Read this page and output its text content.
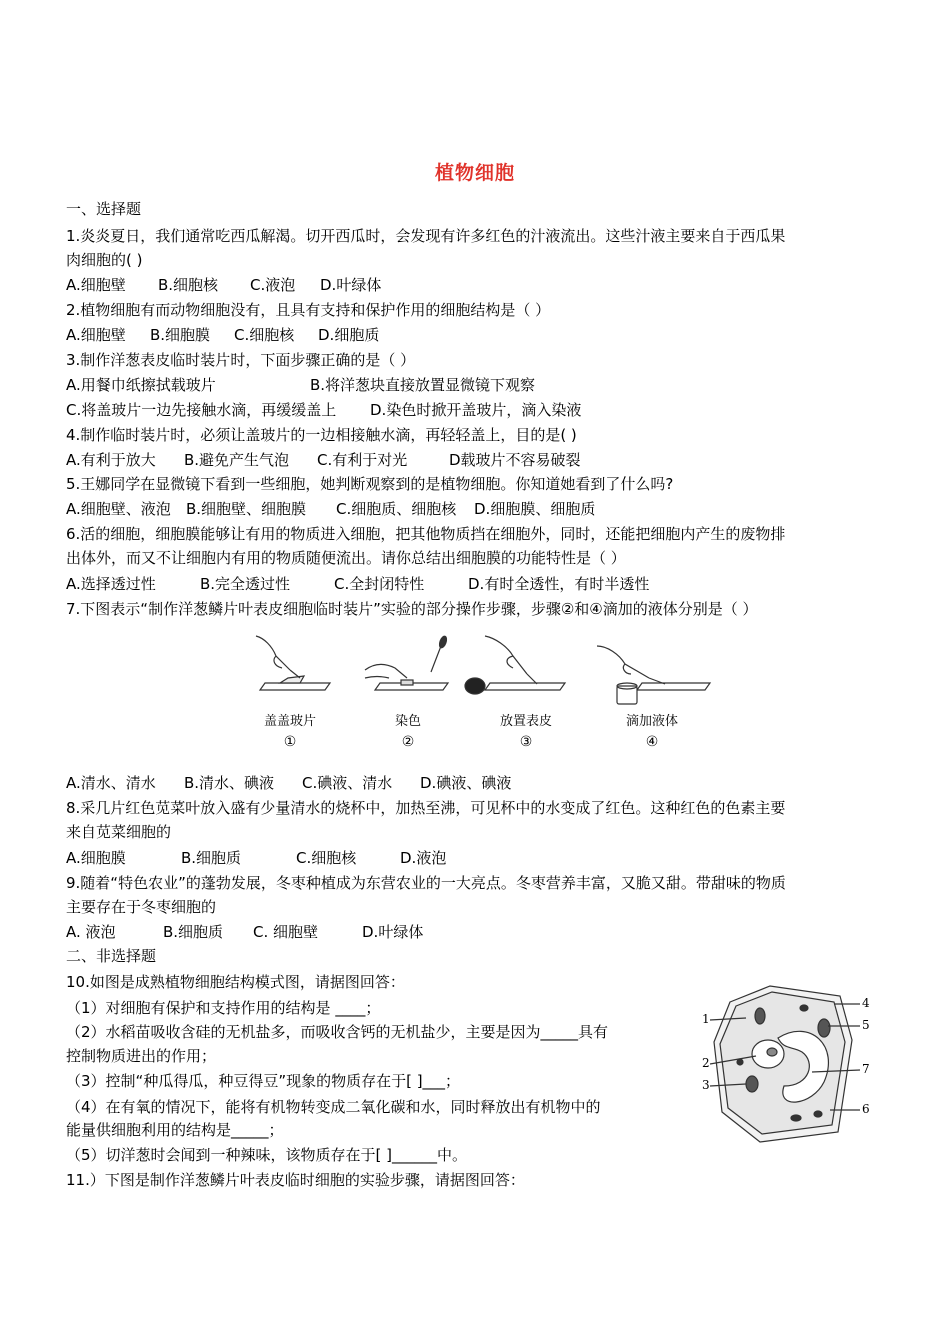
植物细胞
一、选择题
1.炎炎夏日，我们通常吃西瓜解渴。切开西瓜时，会发现有许多红色的汁液流出。这些汁液主要来自于西瓜果
肉细胞的( )
A.细胞壁 B.细胞核 C.液泡 D.叶绿体
2.植物细胞有而动物细胞没有，且具有支持和保护作用的细胞结构是（ ）
A.细胞壁 B.细胞膜 C.细胞核 D.细胞质
3.制作洋葱表皮临时装片时，下面步骤正确的是（ ）
A.用餐巾纸擦拭载玻片	B.将洋葱块直接放置显微镜下观察
C.将盖玻片一边先接触水滴，再缓缓盖上 D.染色时掀开盖玻片，滴入染液
4.制作临时装片时，必须让盖玻片的一边相接触水滴，再轻轻盖上，目的是( )
A.有利于放大 B.避免产生气泡 C.有利于对光	D载玻片不容易破裂
5.王娜同学在显微镜下看到一些细胞，她判断观察到的是植物细胞。你知道她看到了什么吗?
A.细胞壁、液泡 B.细胞壁、细胞膜 C.细胞质、细胞核 D.细胞膜、细胞质
6.活的细胞，细胞膜能够让有用的物质进入细胞，把其他物质挡在细胞外，同时，还能把细胞内产生的废物排
出体外，而又不让细胞内有用的物质随便流出。请你总结出细胞膜的功能特性是（ ）
A.选择透过性	B.完全透过性	C.全封闭特性	D.有时全透性，有时半透性
7.下图表示“制作洋葱鳞片叶表皮细胞临时装片”实验的部分操作步骤，步骤②和④滴加的液体分别是（ ）
盖盖玻片	染色	放置表皮	滴加液体
①	②	③	④
A.清水、清水 B.清水、碘液 C.碘液、清水 D.碘液、碘液
8.采几片红色苋菜叶放入盛有少量清水的烧杯中，加热至沸，可见杯中的水变成了红色。这种红色的色素主要
来自苋菜细胞的
A.细胞膜	B.细胞质	C.细胞核	D.液泡
9.随着“特色农业”的蓬勃发展，冬枣种植成为东营农业的一大亮点。冬枣营养丰富，又脆又甜。带甜味的物质
主要存在于冬枣细胞的
A. 液泡	B.细胞质 C. 细胞壁	D.叶绿体
二、非选择题
10.如图是成熟植物细胞结构模式图，请据图回答：
（1）对细胞有保护和支持作用的结构是 ____；
（2）水稻苗吸收含硅的无机盐多，而吸收含钙的无机盐少，主要是因为_____具有
控制物质进出的作用；
（3）控制“种瓜得瓜，种豆得豆”现象的物质存在于[ ]___；
（4）在有氧的情况下，能将有机物转变成二氧化碳和水，同时释放出有机物中的
能量供细胞利用的结构是_____；
（5）切洋葱时会闻到一种辣味，该物质存在于[ ]______中。
1
2
3
4
5
6
7
11.）下图是制作洋葱鳞片叶表皮临时细胞的实验步骤，请据图回答：
